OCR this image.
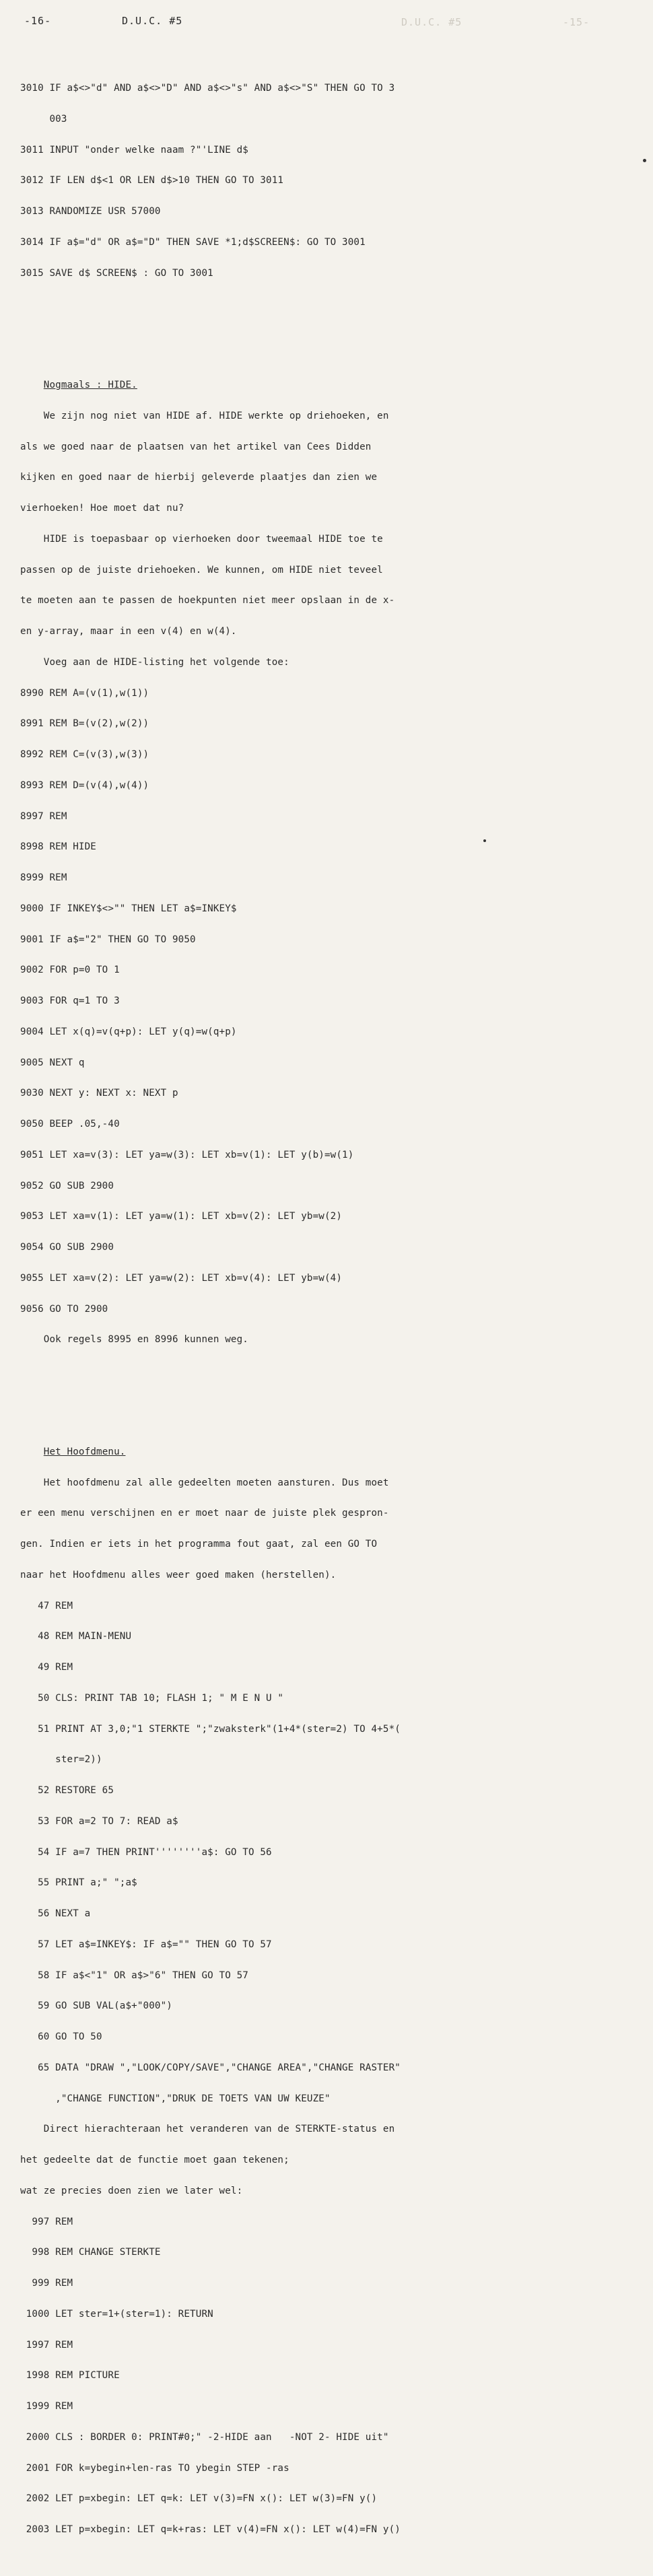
-16-	D.U.C. #5	D.U.C. #5	-15-

3010 IF a$<>"d" AND a$<>"D" AND a$<>"s" AND a$<>"S" THEN GO TO 3

003

3011 INPUT "onder welke naam ?"'LINE d$

3012 IF LEN d$<1 OR LEN d$>10 THEN GO TO 3011

3013 RANDOMIZE USR 57000

3014 IF a$="d" OR a$="D" THEN SAVE *1;d$SCREEN$: GO TO 3001

3015 SAVE d$ SCREEN$ : GO TO 3001

Nogmaals : HIDE.

We zijn nog niet van HIDE af. HIDE werkte op driehoeken, en

als we goed naar de plaatsen van het artikel van Cees Didden

kijken en goed naar de hierbij geleverde plaatjes dan zien we

vierhoeken! Hoe moet dat nu?

HIDE is toepasbaar op vierhoeken door tweemaal HIDE toe te

passen op de juiste driehoeken. We kunnen, om HIDE niet teveel

te moeten aan te passen de hoekpunten niet meer opslaan in de x-

en y-array, maar in een v(4) en w(4).

Voeg aan de HIDE-listing het volgende toe:

8990 REM A=(v(1),w(1))

8991 REM B=(v(2),w(2))

8992 REM C=(v(3),w(3))

8993 REM D=(v(4),w(4))

8997 REM

8998 REM HIDE

8999 REM

9000 IF INKEY$<>"" THEN LET a$=INKEY$

9001 IF a$="2" THEN GO TO 9050

9002 FOR p=0 TO 1

9003 FOR q=1 TO 3

9004 LET x(q)=v(q+p): LET y(q)=w(q+p)

9005 NEXT q

9030 NEXT y: NEXT x: NEXT p

9050 BEEP .05,-40

9051 LET xa=v(3): LET ya=w(3): LET xb=v(1): LET y(b)=w(1)

9052 GO SUB 2900

9053 LET xa=v(1): LET ya=w(1): LET xb=v(2): LET yb=w(2)

9054 GO SUB 2900

9055 LET xa=v(2): LET ya=w(2): LET xb=v(4): LET yb=w(4)

9056 GO TO 2900

Ook regels 8995 en 8996 kunnen weg.

Het Hoofdmenu.

Het hoofdmenu zal alle gedeelten moeten aansturen. Dus moet

er een menu verschijnen en er moet naar de juiste plek gespron-

gen. Indien er iets in het programma fout gaat, zal een GO TO

naar het Hoofdmenu alles weer goed maken (herstellen).

47 REM

48 REM MAIN-MENU

49 REM

50 CLS: PRINT TAB 10; FLASH 1; " M E N U "

51 PRINT AT 3,0;"1 STERKTE ";"zwaksterk"(1+4*(ster=2) TO 4+5*(

ster=2))

52 RESTORE 65

53 FOR a=2 TO 7: READ a$

54 IF a=7 THEN PRINT''''''''a$: GO TO 56

55 PRINT a;" ";a$

56 NEXT a

57 LET a$=INKEY$: IF a$="" THEN GO TO 57

58 IF a$<"1" OR a$>"6" THEN GO TO 57

59 GO SUB VAL(a$+"000")

60 GO TO 50

65 DATA "DRAW ","LOOK/COPY/SAVE","CHANGE AREA","CHANGE RASTER"

,"CHANGE FUNCTION","DRUK DE TOETS VAN UW KEUZE"

Direct hierachteraan het veranderen van de STERKTE-status en

het gedeelte dat de functie moet gaan tekenen;

wat ze precies doen zien we later wel:

997 REM

998 REM CHANGE STERKTE

999 REM

1000 LET ster=1+(ster=1): RETURN

1997 REM

1998 REM PICTURE

1999 REM

2000 CLS : BORDER 0: PRINT#0;" -2-HIDE aan   -NOT 2- HIDE uit"

2001 FOR k=ybegin+len-ras TO ybegin STEP -ras

2002 LET p=xbegin: LET q=k: LET v(3)=FN x(): LET w(3)=FN y()

2003 LET p=xbegin: LET q=k+ras: LET v(4)=FN x(): LET w(4)=FN y()
